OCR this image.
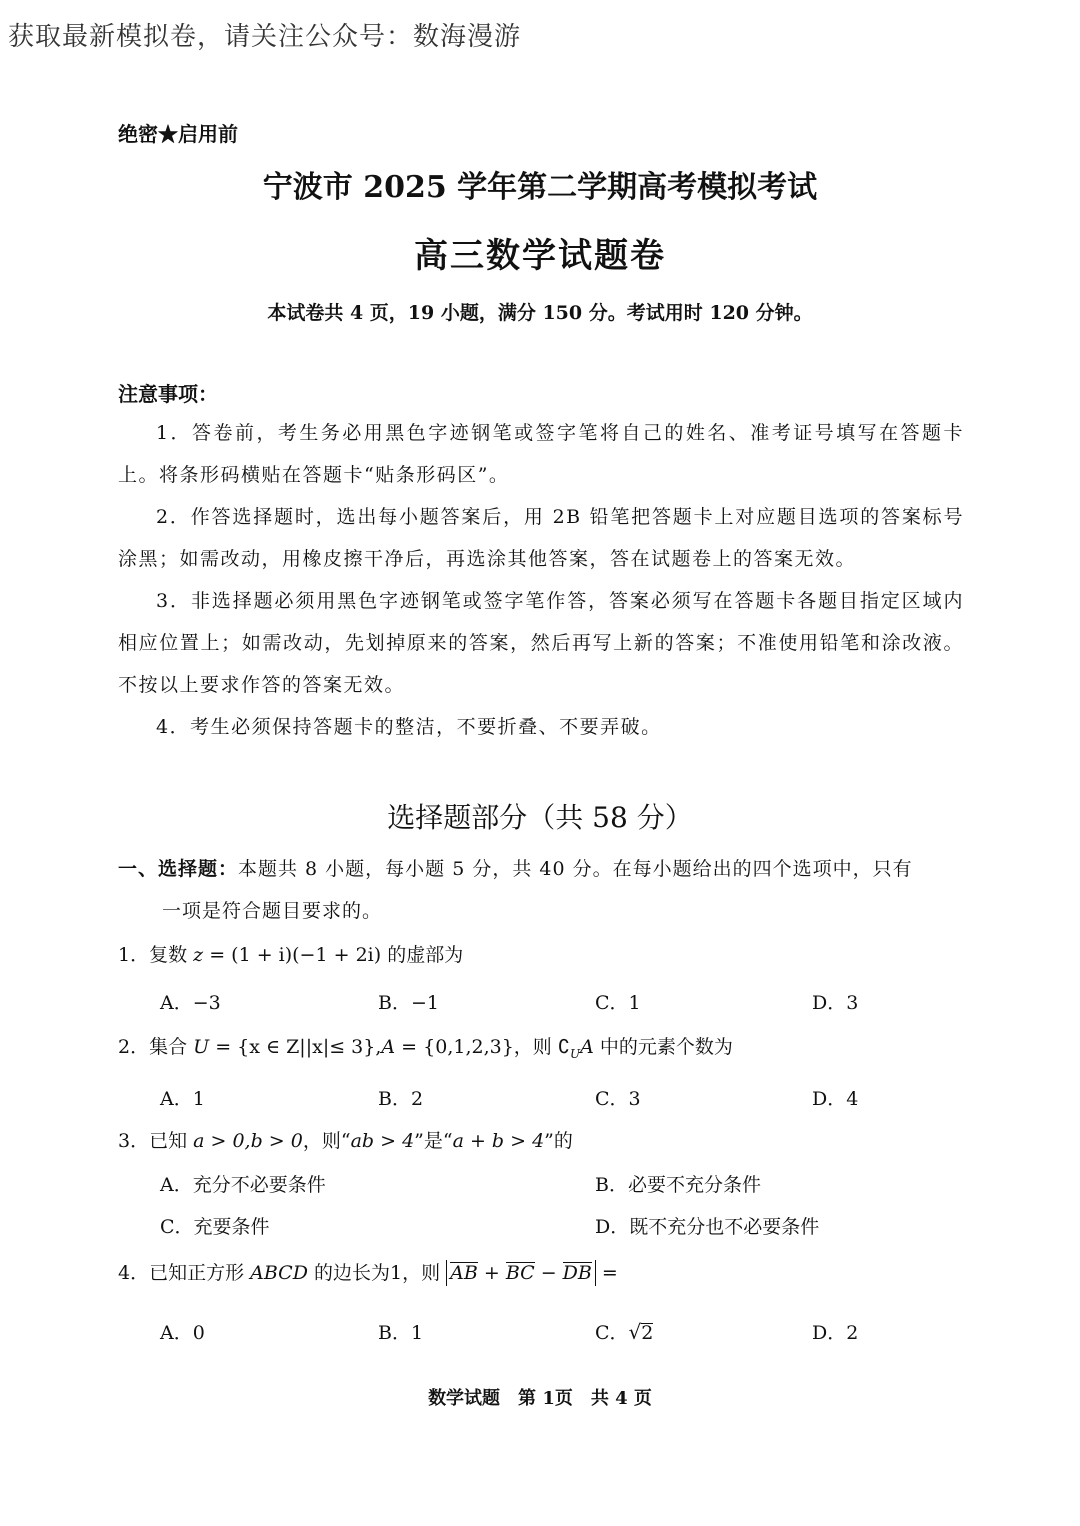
获取最新模拟卷，请关注公众号：数海漫游
绝密★启用前
宁波市 2025 学年第二学期高考模拟考试
高三数学试题卷
本试卷共 4 页，19 小题，满分 150 分。考试用时 120 分钟。
注意事项：
1．答卷前，考生务必用黑色字迹钢笔或签字笔将自己的姓名、准考证号填写在答题卡上。将条形码横贴在答题卡“贴条形码区”。
2．作答选择题时，选出每小题答案后，用 2B 铅笔把答题卡上对应题目选项的答案标号涂黑；如需改动，用橡皮擦干净后，再选涂其他答案，答在试题卷上的答案无效。
3．非选择题必须用黑色字迹钢笔或签字笔作答，答案必须写在答题卡各题目指定区域内相应位置上；如需改动，先划掉原来的答案，然后再写上新的答案；不准使用铅笔和涂改液。不按以上要求作答的答案无效。
4．考生必须保持答题卡的整洁，不要折叠、不要弄破。
选择题部分（共 58 分）
一、选择题：本题共 8 小题，每小题 5 分，共 40 分。在每小题给出的四个选项中，只有
一项是符合题目要求的。
1．复数 z = (1 + i)(−1 + 2i) 的虚部为
A．−3	B．−1	C．1	D．3
2．集合 U = {x ∈ Z||x|≤ 3},A = {0,1,2,3}，则 $∁_UA$ 中的元素个数为
A．1	B．2	C．3	D．4
3．已知 a > 0,b > 0，则“ab > 4”是“a + b > 4”的
A．充分不必要条件	B．必要不充分条件
C．充要条件	D．既不充分也不必要条件
4．已知正方形 ABCD 的边长为1，则 AB + BC − DB =
A．0	B．1	C．√2	D．2
数学试题　第 1页　共 4 页
